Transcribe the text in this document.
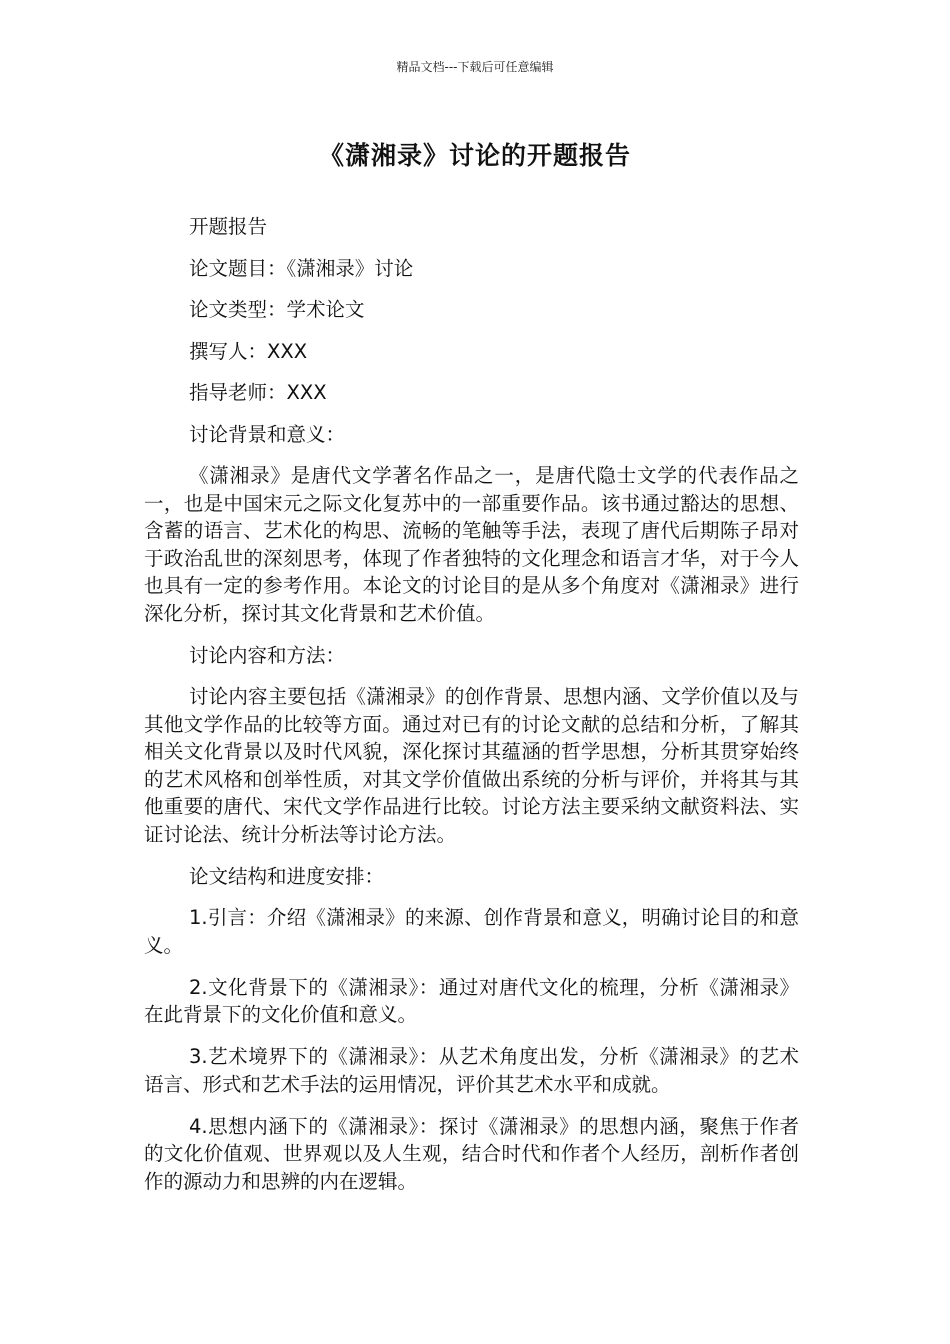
精品文档---下载后可任意编辑
《潇湘录》讨论的开题报告
开题报告
论文题目：《潇湘录》讨论
论文类型：学术论文
撰写人：XXX
指导老师：XXX
讨论背景和意义：
《潇湘录》是唐代文学著名作品之一，是唐代隐士文学的代表作品之一，也是中国宋元之际文化复苏中的一部重要作品。该书通过豁达的思想、含蓄的语言、艺术化的构思、流畅的笔触等手法，表现了唐代后期陈子昂对于政治乱世的深刻思考，体现了作者独特的文化理念和语言才华，对于今人也具有一定的参考作用。本论文的讨论目的是从多个角度对《潇湘录》进行深化分析，探讨其文化背景和艺术价值。
讨论内容和方法：
讨论内容主要包括《潇湘录》的创作背景、思想内涵、文学价值以及与其他文学作品的比较等方面。通过对已有的讨论文献的总结和分析，了解其相关文化背景以及时代风貌，深化探讨其蕴涵的哲学思想，分析其贯穿始终的艺术风格和创举性质，对其文学价值做出系统的分析与评价，并将其与其他重要的唐代、宋代文学作品进行比较。讨论方法主要采纳文献资料法、实证讨论法、统计分析法等讨论方法。
论文结构和进度安排：
1.引言：介绍《潇湘录》的来源、创作背景和意义，明确讨论目的和意义。
2.文化背景下的《潇湘录》：通过对唐代文化的梳理，分析《潇湘录》在此背景下的文化价值和意义。
3.艺术境界下的《潇湘录》：从艺术角度出发，分析《潇湘录》的艺术语言、形式和艺术手法的运用情况，评价其艺术水平和成就。
4.思想内涵下的《潇湘录》：探讨《潇湘录》的思想内涵，聚焦于作者的文化价值观、世界观以及人生观，结合时代和作者个人经历，剖析作者创作的源动力和思辨的内在逻辑。
